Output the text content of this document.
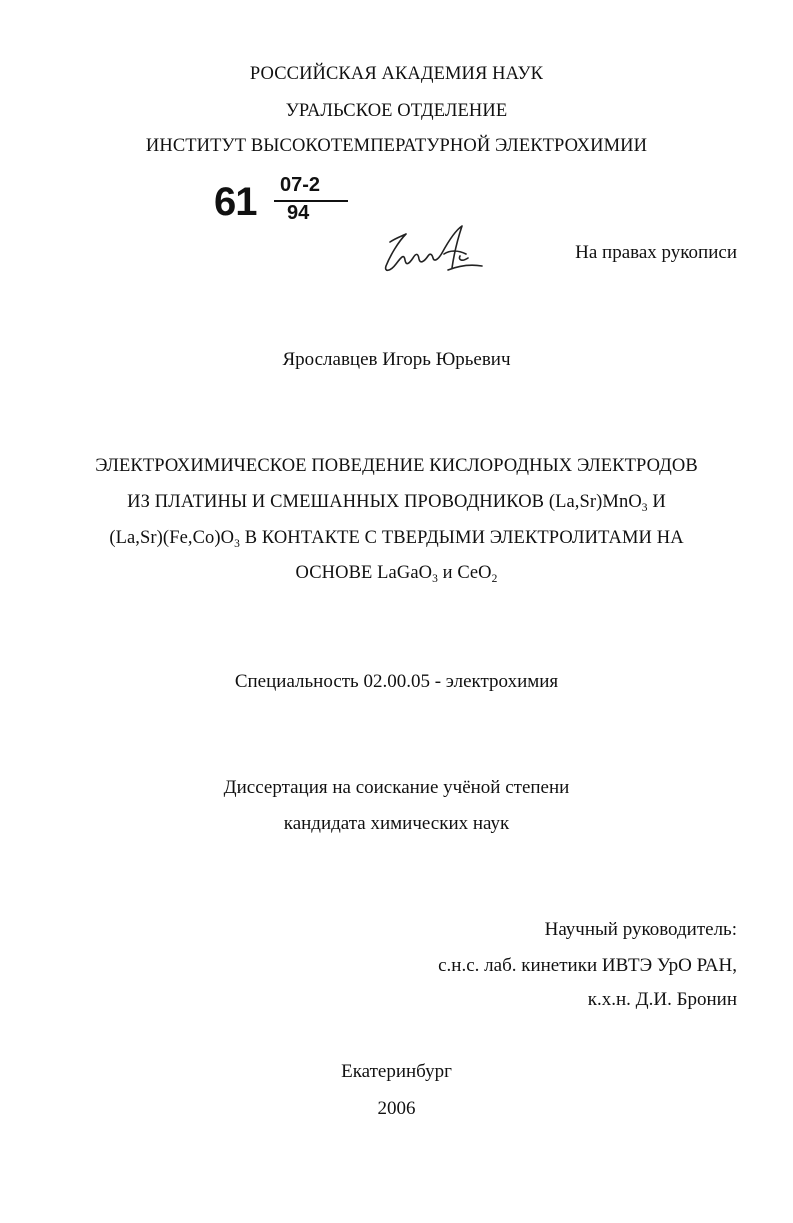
РОССИЙСКАЯ АКАДЕМИЯ НАУК
УРАЛЬСКОЕ ОТДЕЛЕНИЕ
ИНСТИТУТ ВЫСОКОТЕМПЕРАТУРНОЙ ЭЛЕКТРОХИМИИ
61 07-2
94
На правах рукописи
Ярославцев Игорь Юрьевич
ЭЛЕКТРОХИМИЧЕСКОЕ ПОВЕДЕНИЕ КИСЛОРОДНЫХ ЭЛЕКТРОДОВ
ИЗ ПЛАТИНЫ И СМЕШАННЫХ ПРОВОДНИКОВ (La,Sr)MnO$_3$ И
$(La,Sr)(Fe,Co)O_3$ В КОНТАКТЕ С ТВЕРДЫМИ ЭЛЕКТРОЛИТАМИ НА
ОСНОВЕ LaGaO$_3$ и CeO$_2$
Специальность 02.00.05 - электрохимия
Диссертация на соискание учёной степени
кандидата химических наук
Научный руководитель:
с.н.с. лаб. кинетики ИВТЭ УрО РАН,
к.х.н. Д.И. Бронин
Екатеринбург
2006
